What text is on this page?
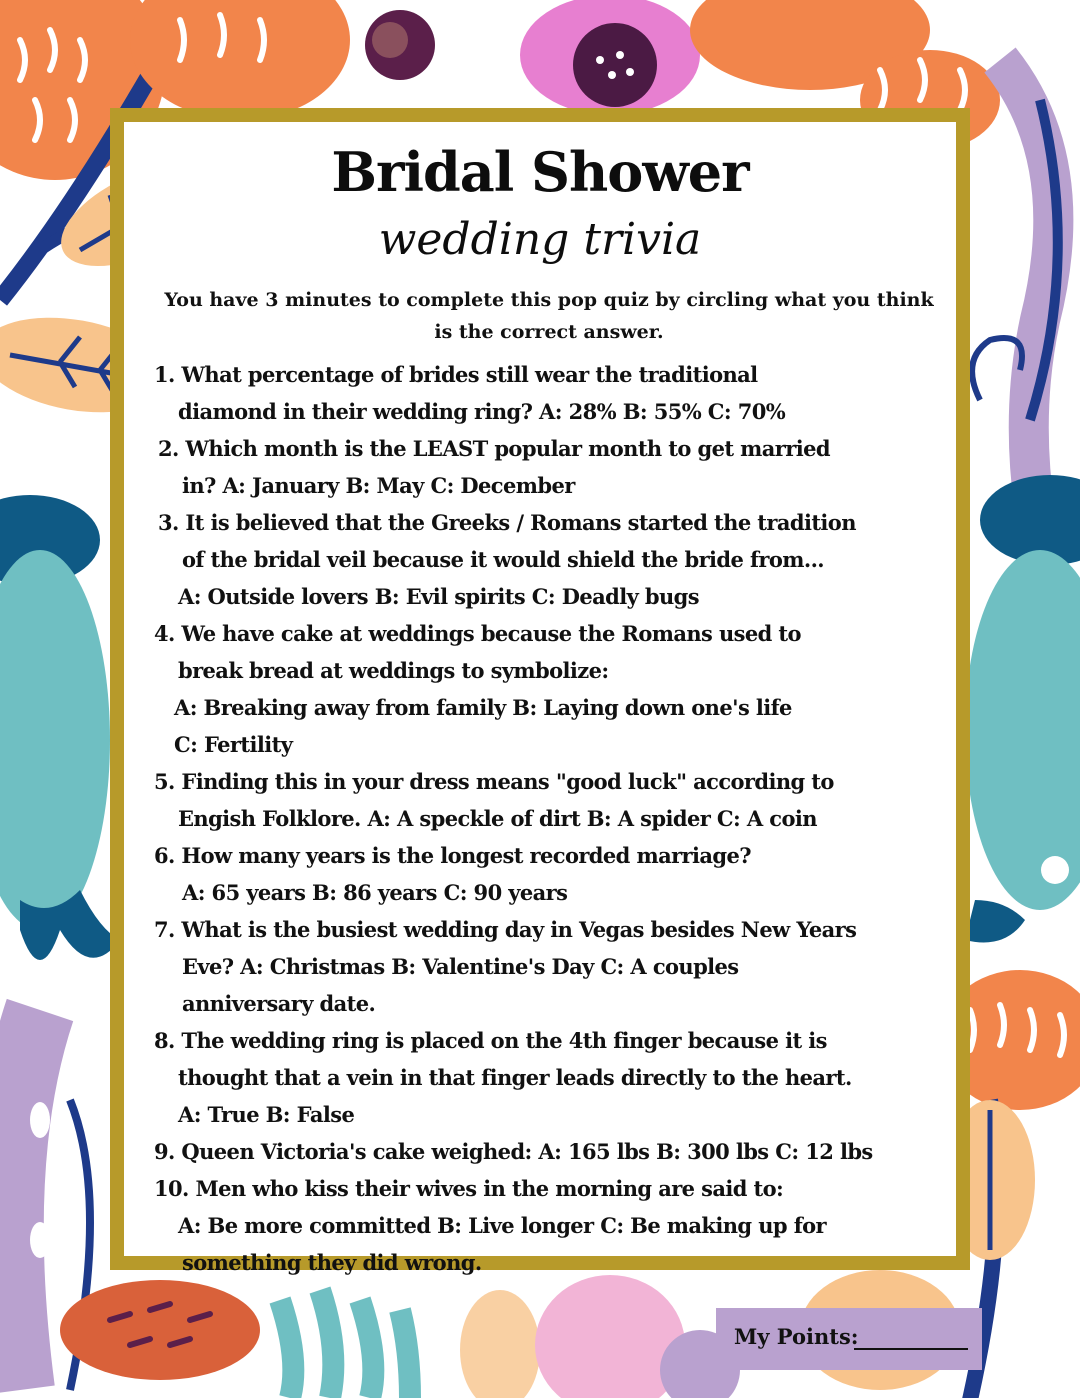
Bridal Shower
wedding trivia
You have 3 minutes to complete this pop quiz by circling what you think is the correct answer.
1. What percentage of brides still wear the traditional
diamond in their wedding ring? A: 28% B: 55% C: 70%
2. Which month is the LEAST popular month to get married
in? A: January B: May C: December
3. It is believed that the Greeks / Romans started the tradition
of the bridal veil because it would shield the bride from...
A: Outside lovers B: Evil spirits C: Deadly bugs
4. We have cake at weddings because the Romans used to
break bread at weddings to symbolize:
A: Breaking away from family B: Laying down one's life
C: Fertility
5. Finding this in your dress means "good luck" according to
Engish Folklore. A: A speckle of dirt B: A spider C: A coin
6. How many years is the longest recorded marriage?
A: 65 years B: 86 years C: 90 years
7. What is the busiest wedding day in Vegas besides New Years
Eve? A: Christmas B: Valentine's Day C: A couples
anniversary date.
8. The wedding ring is placed on the 4th finger because it is
thought that a vein in that finger leads directly to the heart.
A: True B: False
9. Queen Victoria's cake weighed: A: 165 lbs B: 300 lbs C: 12 lbs
10. Men who kiss their wives in the morning are said to:
A: Be more committed B: Live longer C: Be making up for
something they did wrong.
My Points:
